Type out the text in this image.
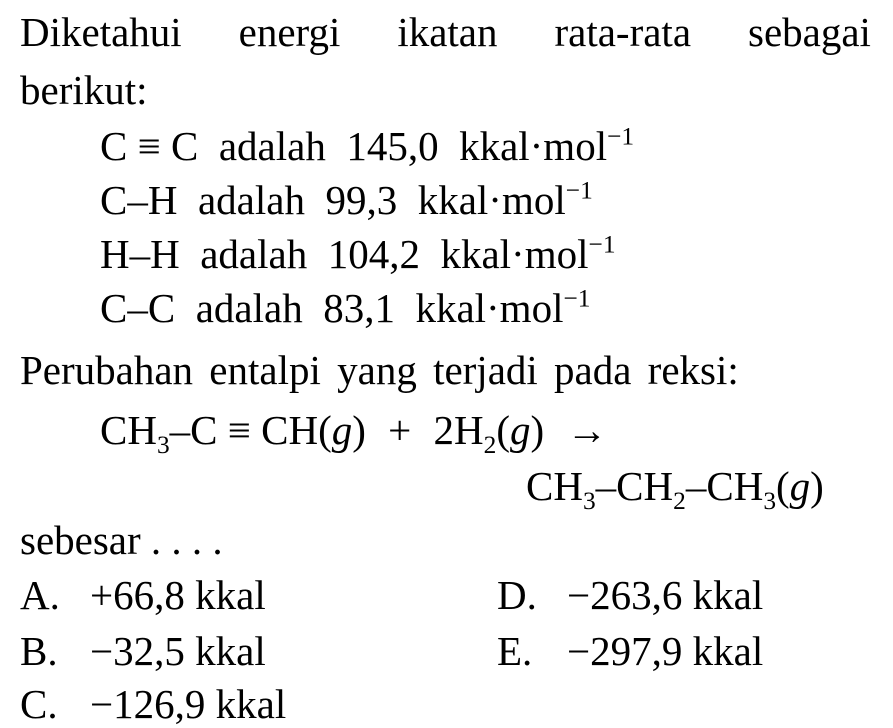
Diketahui energi ikatan rata-rata sebagai
berikut:
C ≡ C adalah 145,0 kkal·mol$^{-1}$
C–H adalah 99,3 kkal·mol$^{-1}$
H–H adalah 104,2 kkal·mol$^{-1}$
C–C adalah 83,1 kkal·mol$^{-1}$
Perubahan entalpi yang terjadi pada reksi:
$CH_3-C \equiv CH(g) + 2H_2(g)$ →
$CH_3-CH_2-CH_3(g)$
sebesar . . . .
A. +66,8 kkal
B. −32,5 kkal
C. −126,9 kkal
D. −263,6 kkal
E. −297,9 kkal
